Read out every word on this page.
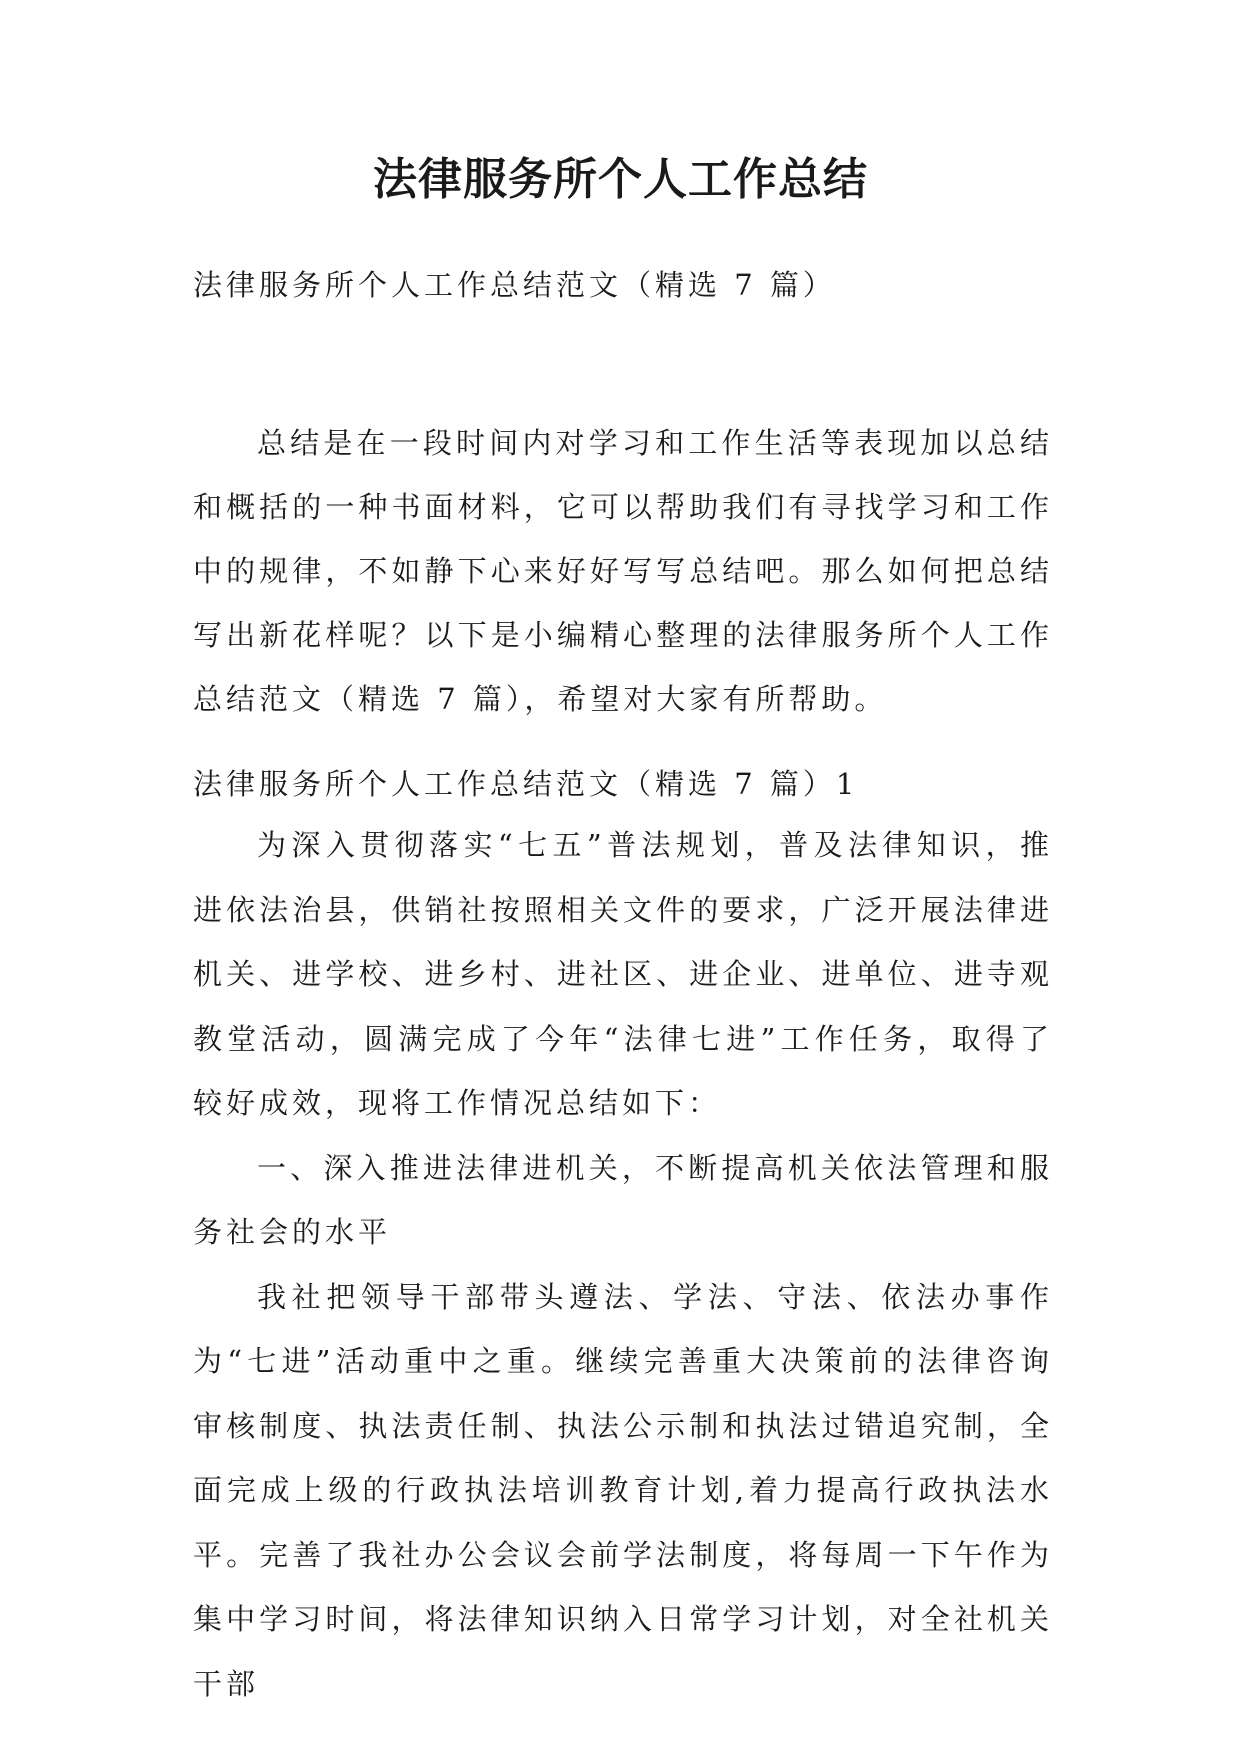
法律服务所个人工作总结
法律服务所个人工作总结范文（精选 7 篇）
总结是在一段时间内对学习和工作生活等表现加以总结和概括的一种书面材料，它可以帮助我们有寻找学习和工作中的规律，不如静下心来好好写写总结吧。那么如何把总结写出新花样呢？以下是小编精心整理的法律服务所个人工作总结范文（精选 7 篇），希望对大家有所帮助。
法律服务所个人工作总结范文（精选 7 篇）1

为深入贯彻落实“七五”普法规划，普及法律知识，推进依法治县，供销社按照相关文件的要求，广泛开展法律进机关、进学校、进乡村、进社区、进企业、进单位、进寺观教堂活动，圆满完成了今年“法律七进”工作任务，取得了较好成效，现将工作情况总结如下：

一、深入推进法律进机关，不断提高机关依法管理和服务社会的水平

我社把领导干部带头遵法、学法、守法、依法办事作为“七进”活动重中之重。继续完善重大决策前的法律咨询审核制度、执法责任制、执法公示制和执法过错追究制，全面完成上级的行政执法培训教育计划,着力提高行政执法水平。完善了我社办公会议会前学法制度，将每周一下午作为集中学习时间，将法律知识纳入日常学习计划，对全社机关干部
